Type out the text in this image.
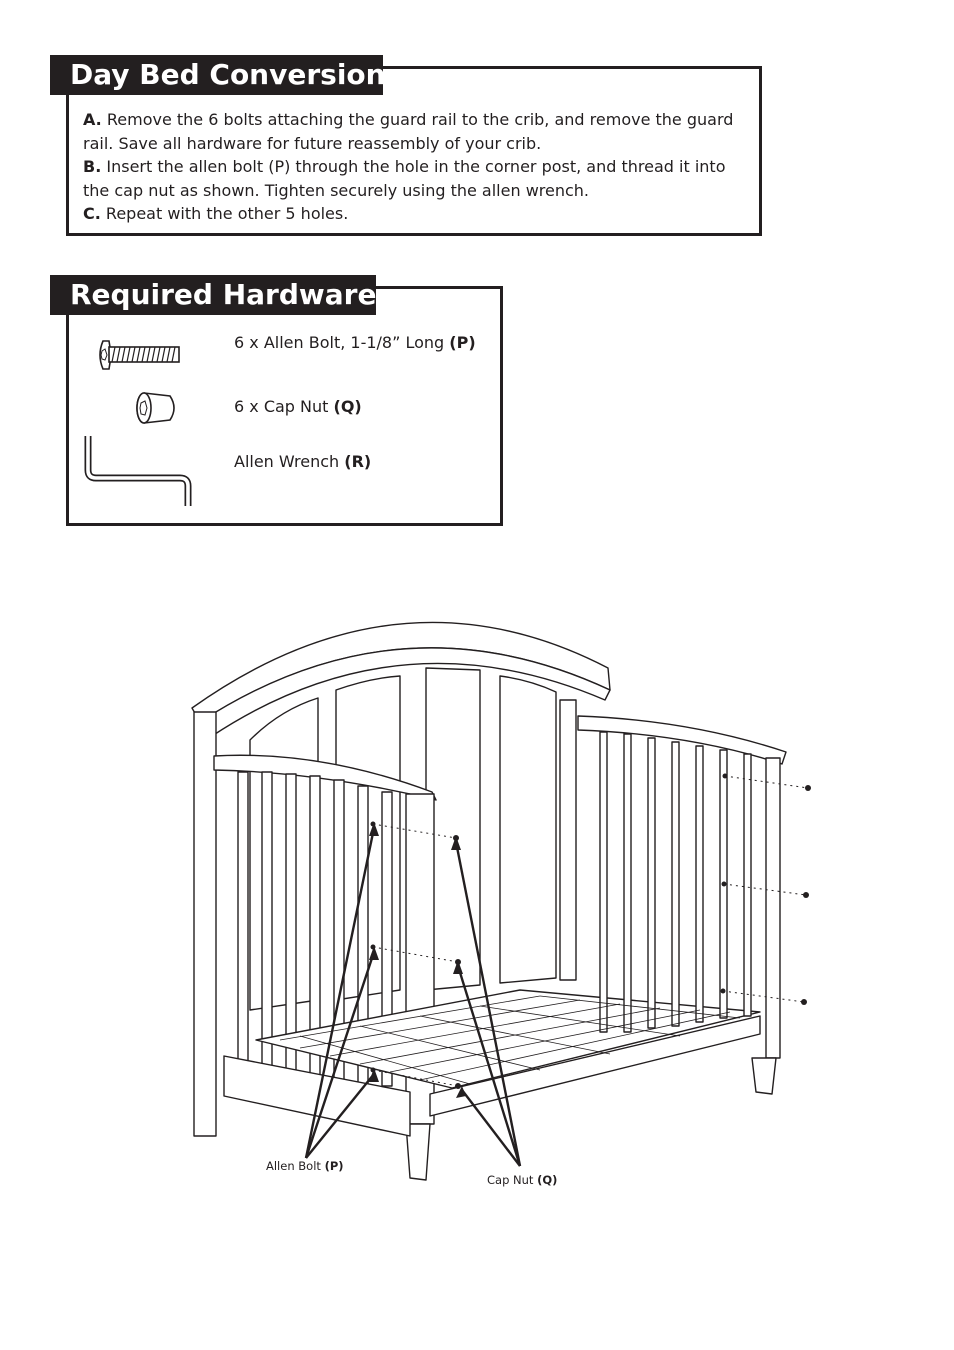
Day Bed Conversion

A. Remove the 6 bolts attaching the guard rail to the crib, and remove the guard rail. Save all hardware for future reassembly of your crib.

B. Insert the allen bolt (P) through the hole in the corner post, and thread it into the cap nut as shown. Tighten securely using the allen wrench.

C. Repeat with the other 5 holes.

Required Hardware
6 x Allen Bolt, 1-1/8” Long (P)
6 x Cap Nut (Q)
Allen Wrench (R)
Allen Bolt (P)
Cap Nut (Q)
